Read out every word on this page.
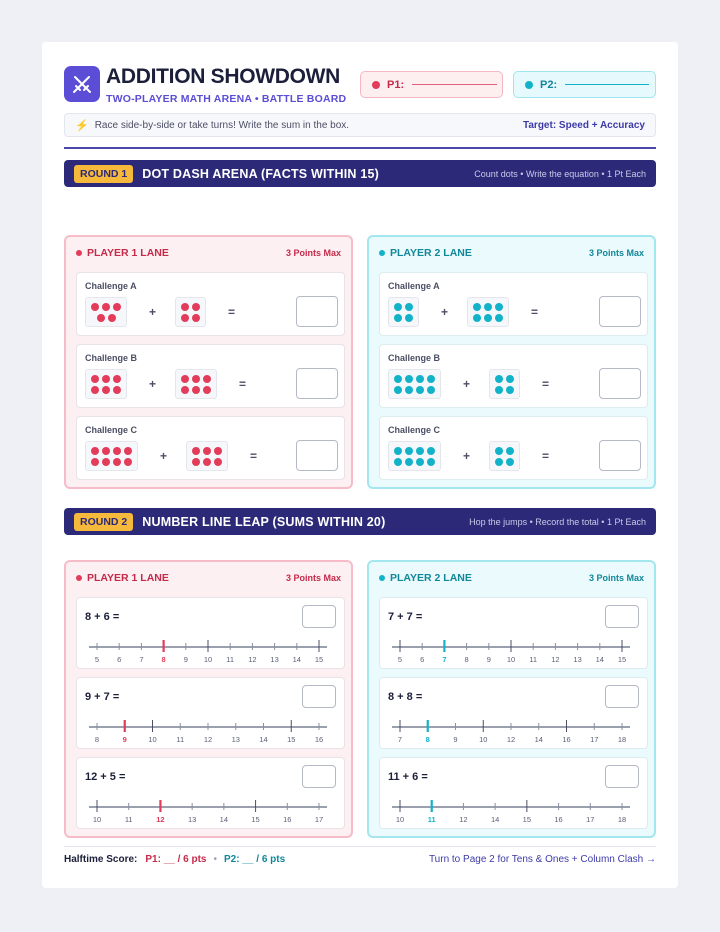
ADDITION SHOWDOWN
TWO-PLAYER MATH ARENA • BATTLE BOARD
P1:	P2:
⚡ Race side-by-side or take turns! Write the sum in the box.	Target: Speed + Accuracy
ROUND 1	DOT DASH ARENA (FACTS WITHIN 15)	Count dots • Write the equation • 1 Pt Each
PLAYER 1 LANE	3 Points Max
Challenge A
+	=
Challenge B
+	=
Challenge C
+	=
PLAYER 2 LANE	3 Points Max
Challenge A
+	=
Challenge B
+	=
Challenge C
+	=
ROUND 2	NUMBER LINE LEAP (SUMS WITHIN 20)	Hop the jumps • Record the total • 1 Pt Each
PLAYER 1 LANE	3 Points Max
8 + 6 =
5 6 7 8 9 10 11 12 13 14 15
9 + 7 =
8	9	10	11	12	13	14	15	16
12 + 5 =
10	11	12	13	14	15	16	17
PLAYER 2 LANE	3 Points Max
7 + 7 =
5 6 7 8 9 10 11 12 13 14 15
8 + 8 =
7	8	9	10	12	14	16	17	18
11 + 6 =
10	11	12	14	15	16	17	18
Halftime Score: P1: __ / 6 pts • P2: __ / 6 pts	Turn to Page 2 for Tens & Ones + Column Clash →
